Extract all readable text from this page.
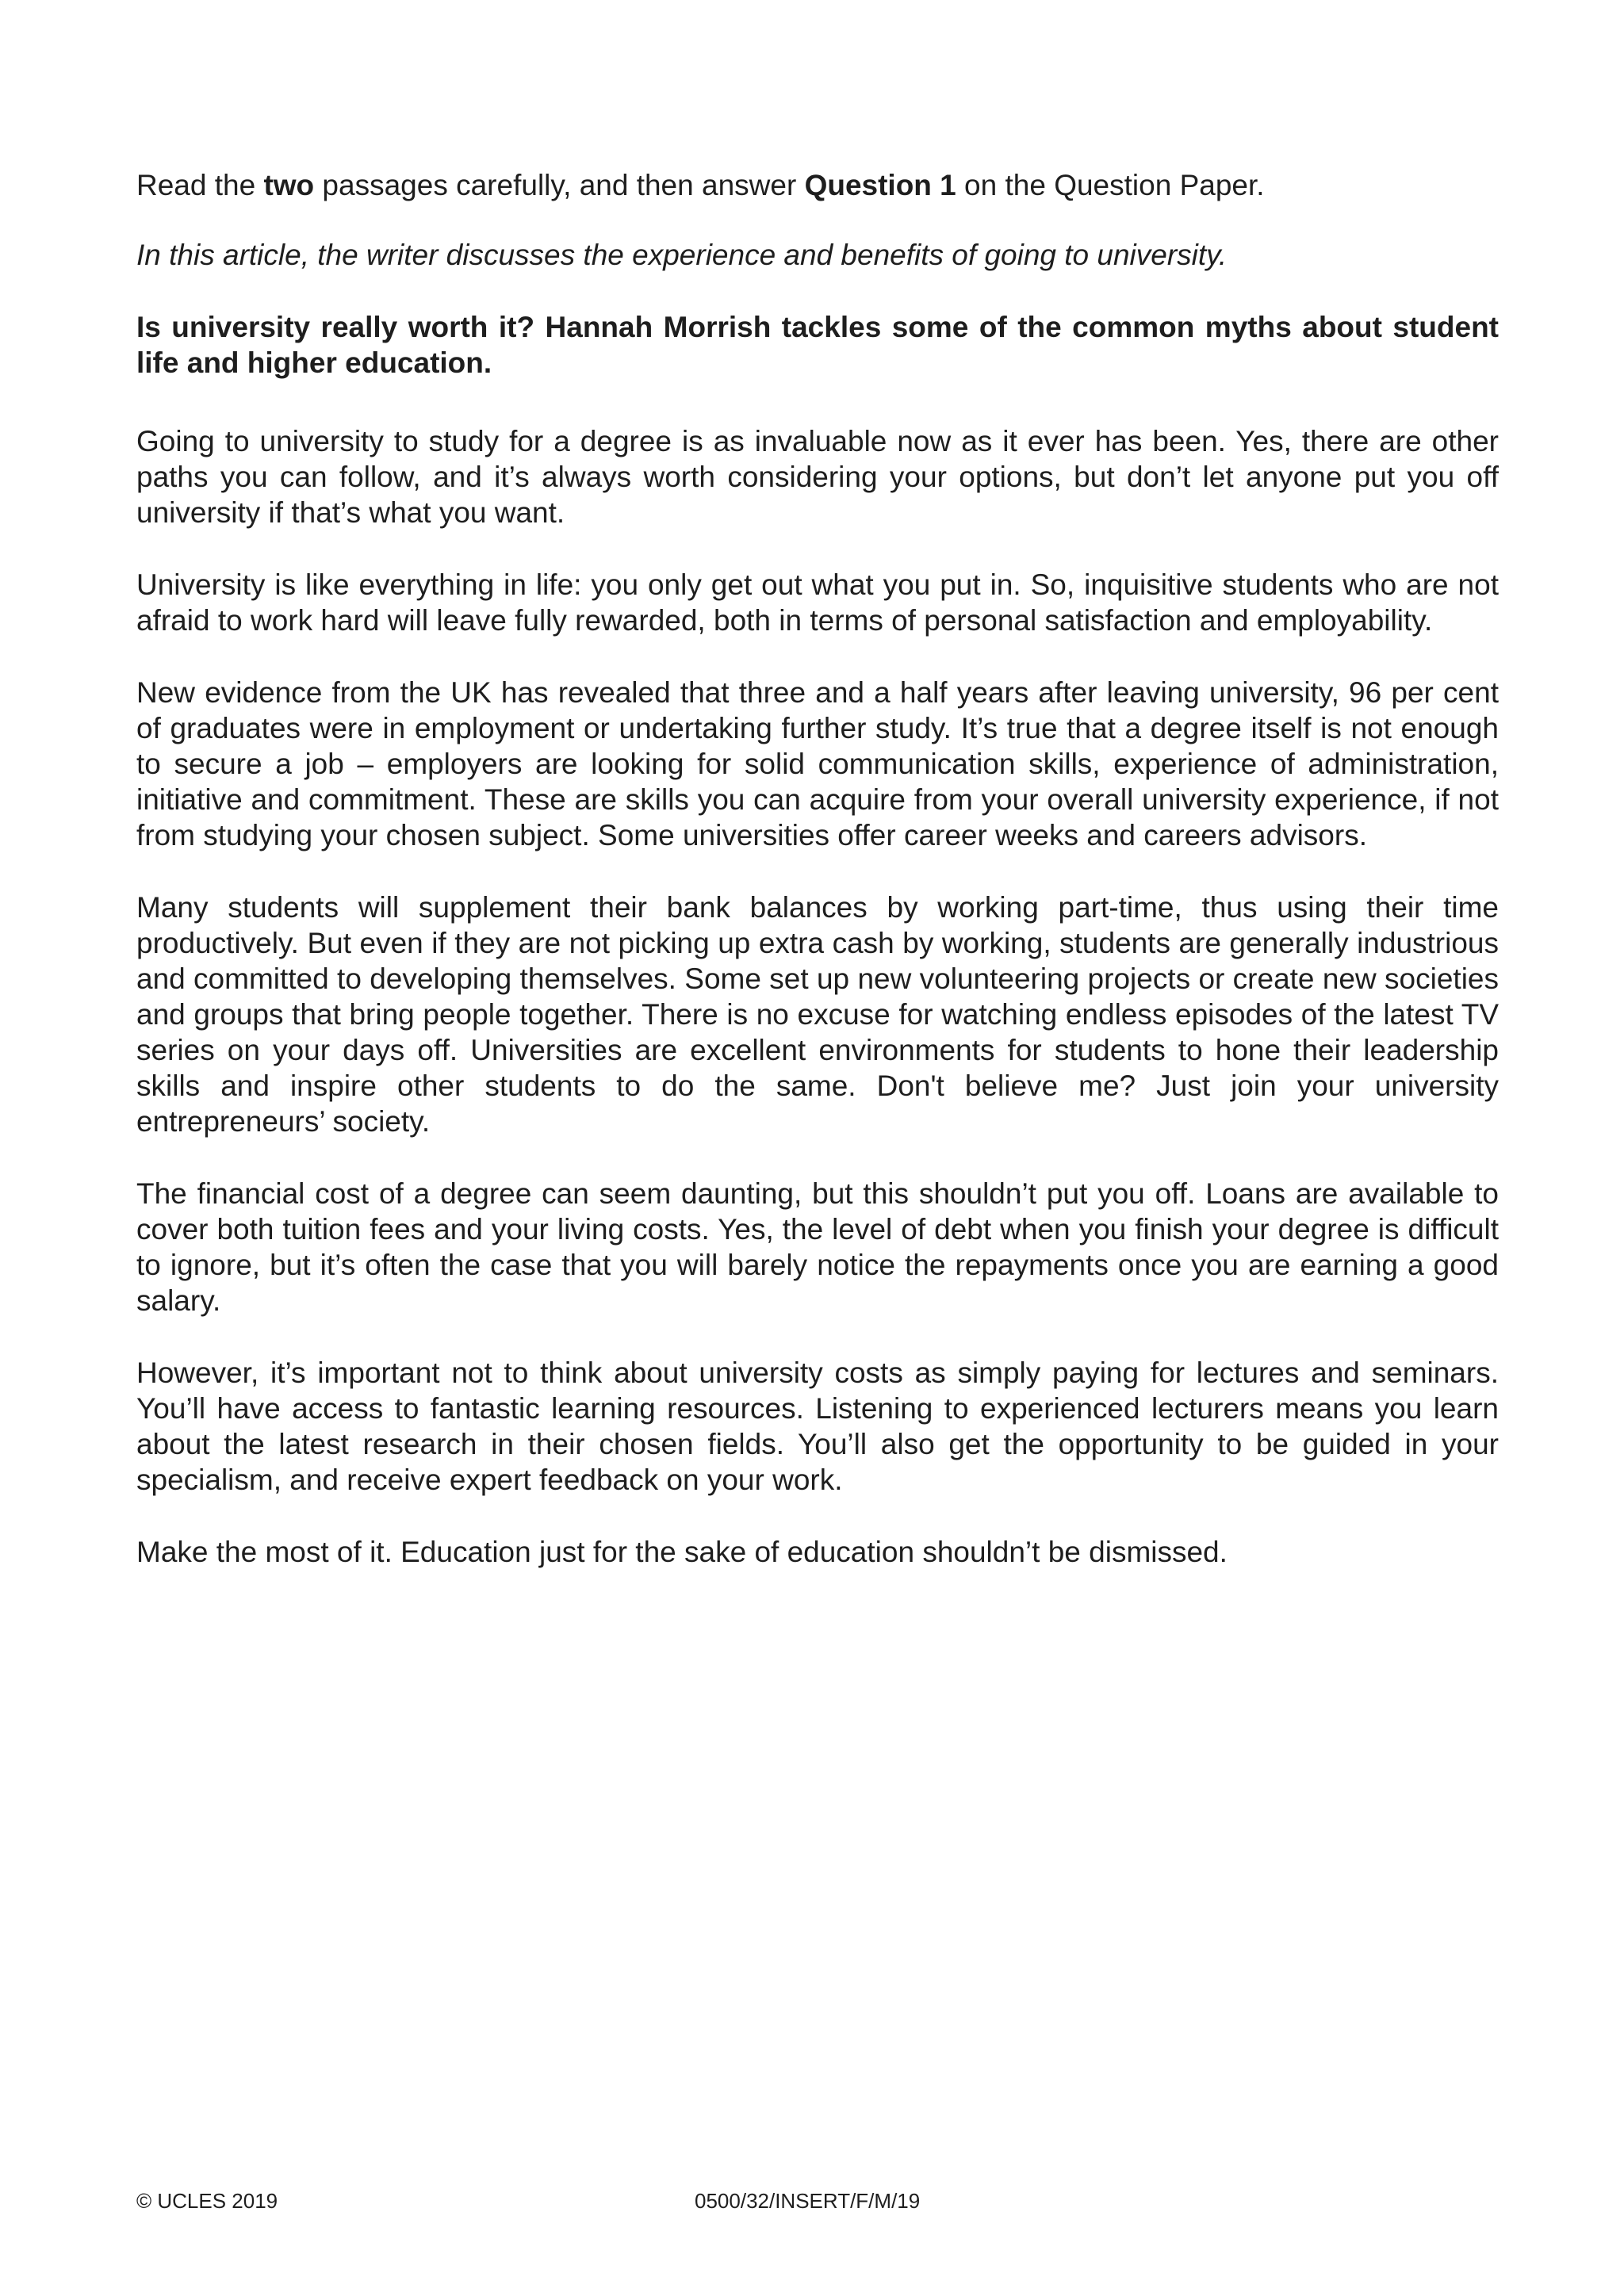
Read the two passages carefully, and then answer Question 1 on the Question Paper.

In this article, the writer discusses the experience and benefits of going to university.

Is university really worth it? Hannah Morrish tackles some of the common myths about student life and higher education.

Going to university to study for a degree is as invaluable now as it ever has been. Yes, there are other paths you can follow, and it’s always worth considering your options, but don’t let anyone put you off university if that’s what you want.

University is like everything in life: you only get out what you put in. So, inquisitive students who are not afraid to work hard will leave fully rewarded, both in terms of personal satisfaction and employability.

New evidence from the UK has revealed that three and a half years after leaving university, 96 per cent of graduates were in employment or undertaking further study. It’s true that a degree itself is not enough to secure a job – employers are looking for solid communication skills, experience of administration, initiative and commitment. These are skills you can acquire from your overall university experience, if not from studying your chosen subject. Some universities offer career weeks and careers advisors.

Many students will supplement their bank balances by working part-time, thus using their time productively. But even if they are not picking up extra cash by working, students are generally industrious and committed to developing themselves. Some set up new volunteering projects or create new societies and groups that bring people together. There is no excuse for watching endless episodes of the latest TV series on your days off. Universities are excellent environments for students to hone their leadership skills and inspire other students to do the same. Don't believe me? Just join your university entrepreneurs’ society.

The financial cost of a degree can seem daunting, but this shouldn’t put you off. Loans are available to cover both tuition fees and your living costs. Yes, the level of debt when you finish your degree is difficult to ignore, but it’s often the case that you will barely notice the repayments once you are earning a good salary.

However, it’s important not to think about university costs as simply paying for lectures and seminars. You’ll have access to fantastic learning resources. Listening to experienced lecturers means you learn about the latest research in their chosen fields. You’ll also get the opportunity to be guided in your specialism, and receive expert feedback on your work.

Make the most of it. Education just for the sake of education shouldn’t be dismissed.

© UCLES 2019	0500/32/INSERT/F/M/19
